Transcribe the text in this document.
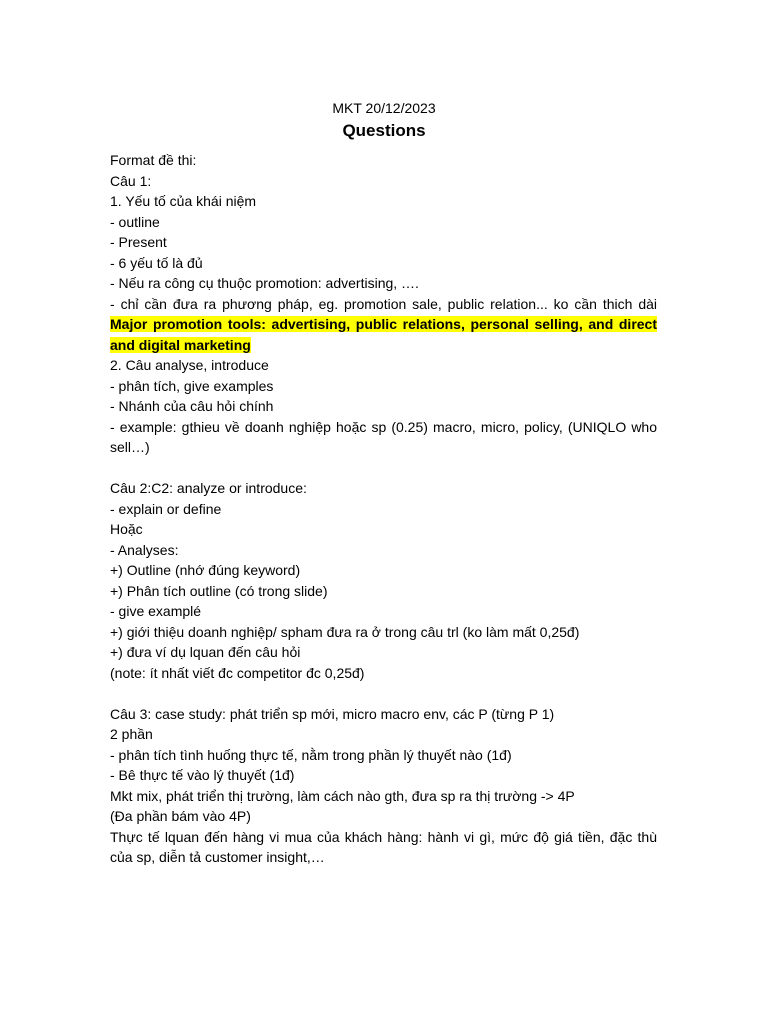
MKT 20/12/2023
Questions
Format đề thi:
Câu 1:
1. Yếu tố của khái niệm
- outline
- Present
- 6 yếu tố là đủ
- Nếu ra công cụ thuộc promotion: advertising, ….
- chỉ cần đưa ra phương pháp, eg. promotion sale, public relation... ko cần thich dài
Major promotion tools: advertising, public relations, personal selling, and direct and digital marketing
2. Câu analyse, introduce
- phân tích, give examples
- Nhánh của câu hỏi chính
- example: gthieu về doanh nghiệp hoặc sp (0.25) macro, micro, policy, (UNIQLO who sell…)
Câu 2:C2: analyze or introduce:
- explain or define
Hoặc
- Analyses:
+) Outline (nhớ đúng keyword)
+) Phân tích outline (có trong slide)
- give examplé
+) giới thiệu doanh nghiệp/ spham đưa ra ở trong câu trl (ko làm mất 0,25đ)
+) đưa ví dụ lquan đến câu hỏi
(note: ít nhất viết đc competitor đc 0,25đ)
Câu 3: case study: phát triển sp mới, micro macro env, các P (từng P 1)
2 phần
- phân tích tình huống thực tế, nằm trong phần lý thuyết nào (1đ)
- Bê thực tế vào lý thuyết (1đ)
Mkt mix, phát triển thị trường, làm cách nào gth, đưa sp ra thị trường -> 4P
(Đa phần bám vào 4P)
Thực tế lquan đến hàng vi mua của khách hàng: hành vi gì, mức độ giá tiền, đặc thù của sp, diễn tả customer insight,…
